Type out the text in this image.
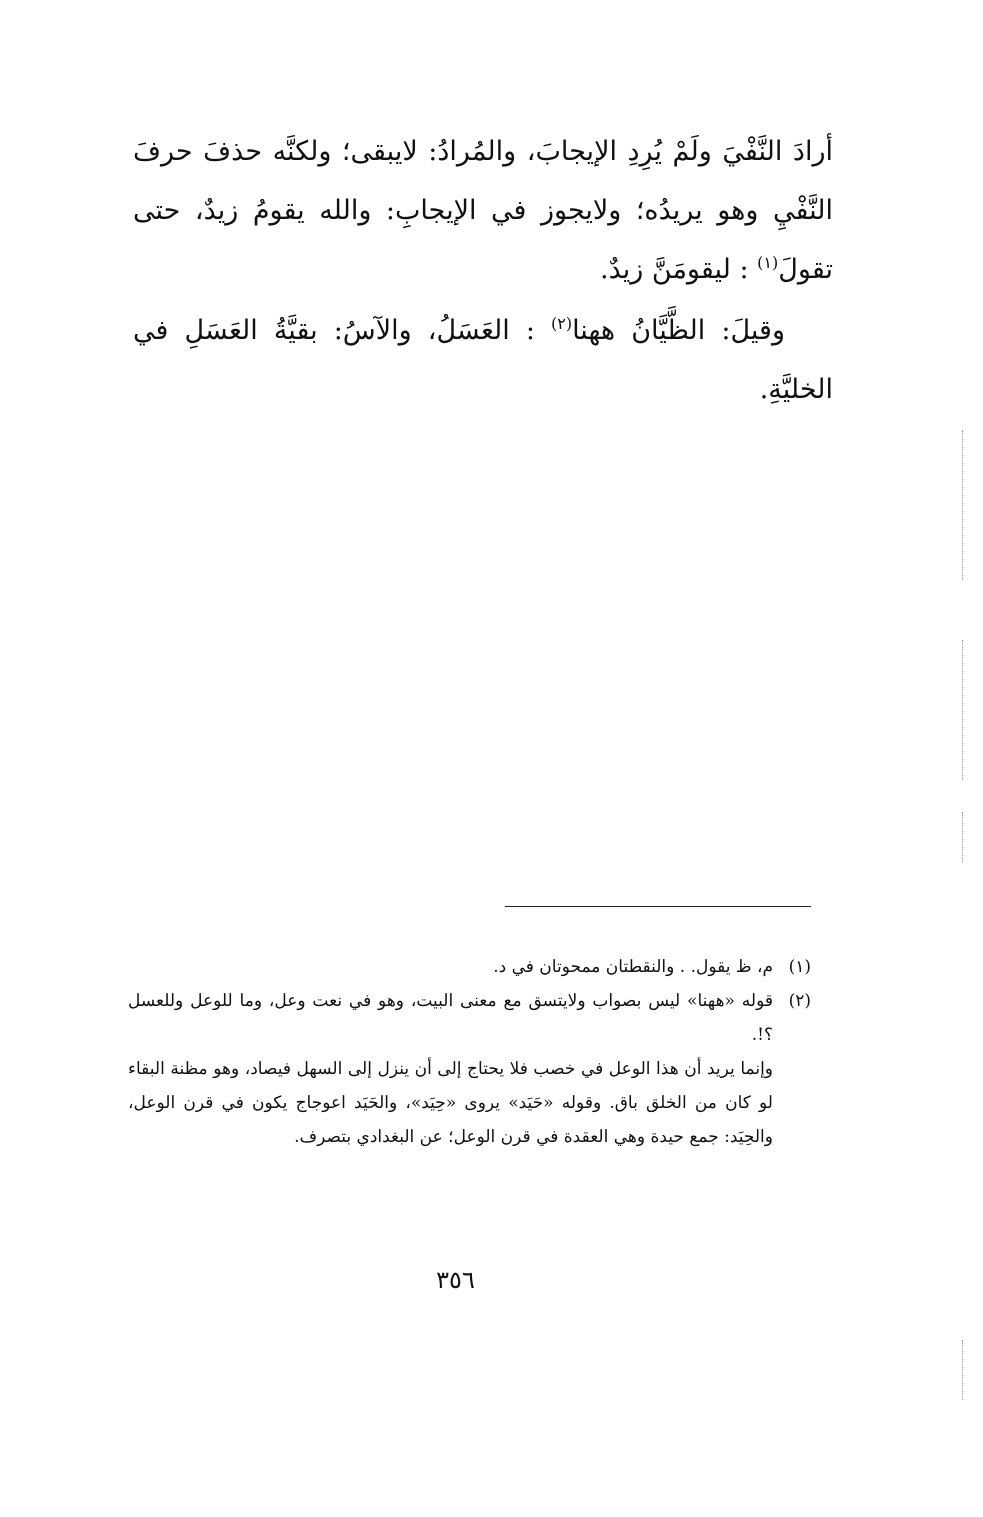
أرادَ النَّفْيَ ولَمْ يُرِدِ الإيجابَ، والمُرادُ: لايبقى؛ ولكنَّه حذفَ حرفَ النَّفْيِ وهو يريدُه؛ ولايجوز في الإيجابِ: والله يقومُ زيدٌ، حتى تقولَ$^{(١)}$ : ليقومَنَّ زيدٌ.

وقيلَ: الظَّيَّانُ ههنا$^{(٢)}$ : العَسَلُ، والآسُ: بقيَّةُ العَسَلِ في الخليَّةِ.

(١)
م، ظ يقول. . والنقطتان ممحوتان في د.
(٢)
قوله «ههنا» ليس بصواب ولايتسق مع معنى البيت، وهو في نعت وعل، وما للوعل وللعسل ؟!.
وإنما يريد أن هذا الوعل في خصب فلا يحتاج إلى أن ينزل إلى السهل فيصاد، وهو مظنة البقاء لو كان من الخلق باق. وقوله «حَيَد» يروى «حِيَد»، والحَيَد اعوجاج يكون في قرن الوعل، والحِيَد: جمع حيدة وهي العقدة في قرن الوعل؛ عن البغدادي بتصرف.
٣٥٦
